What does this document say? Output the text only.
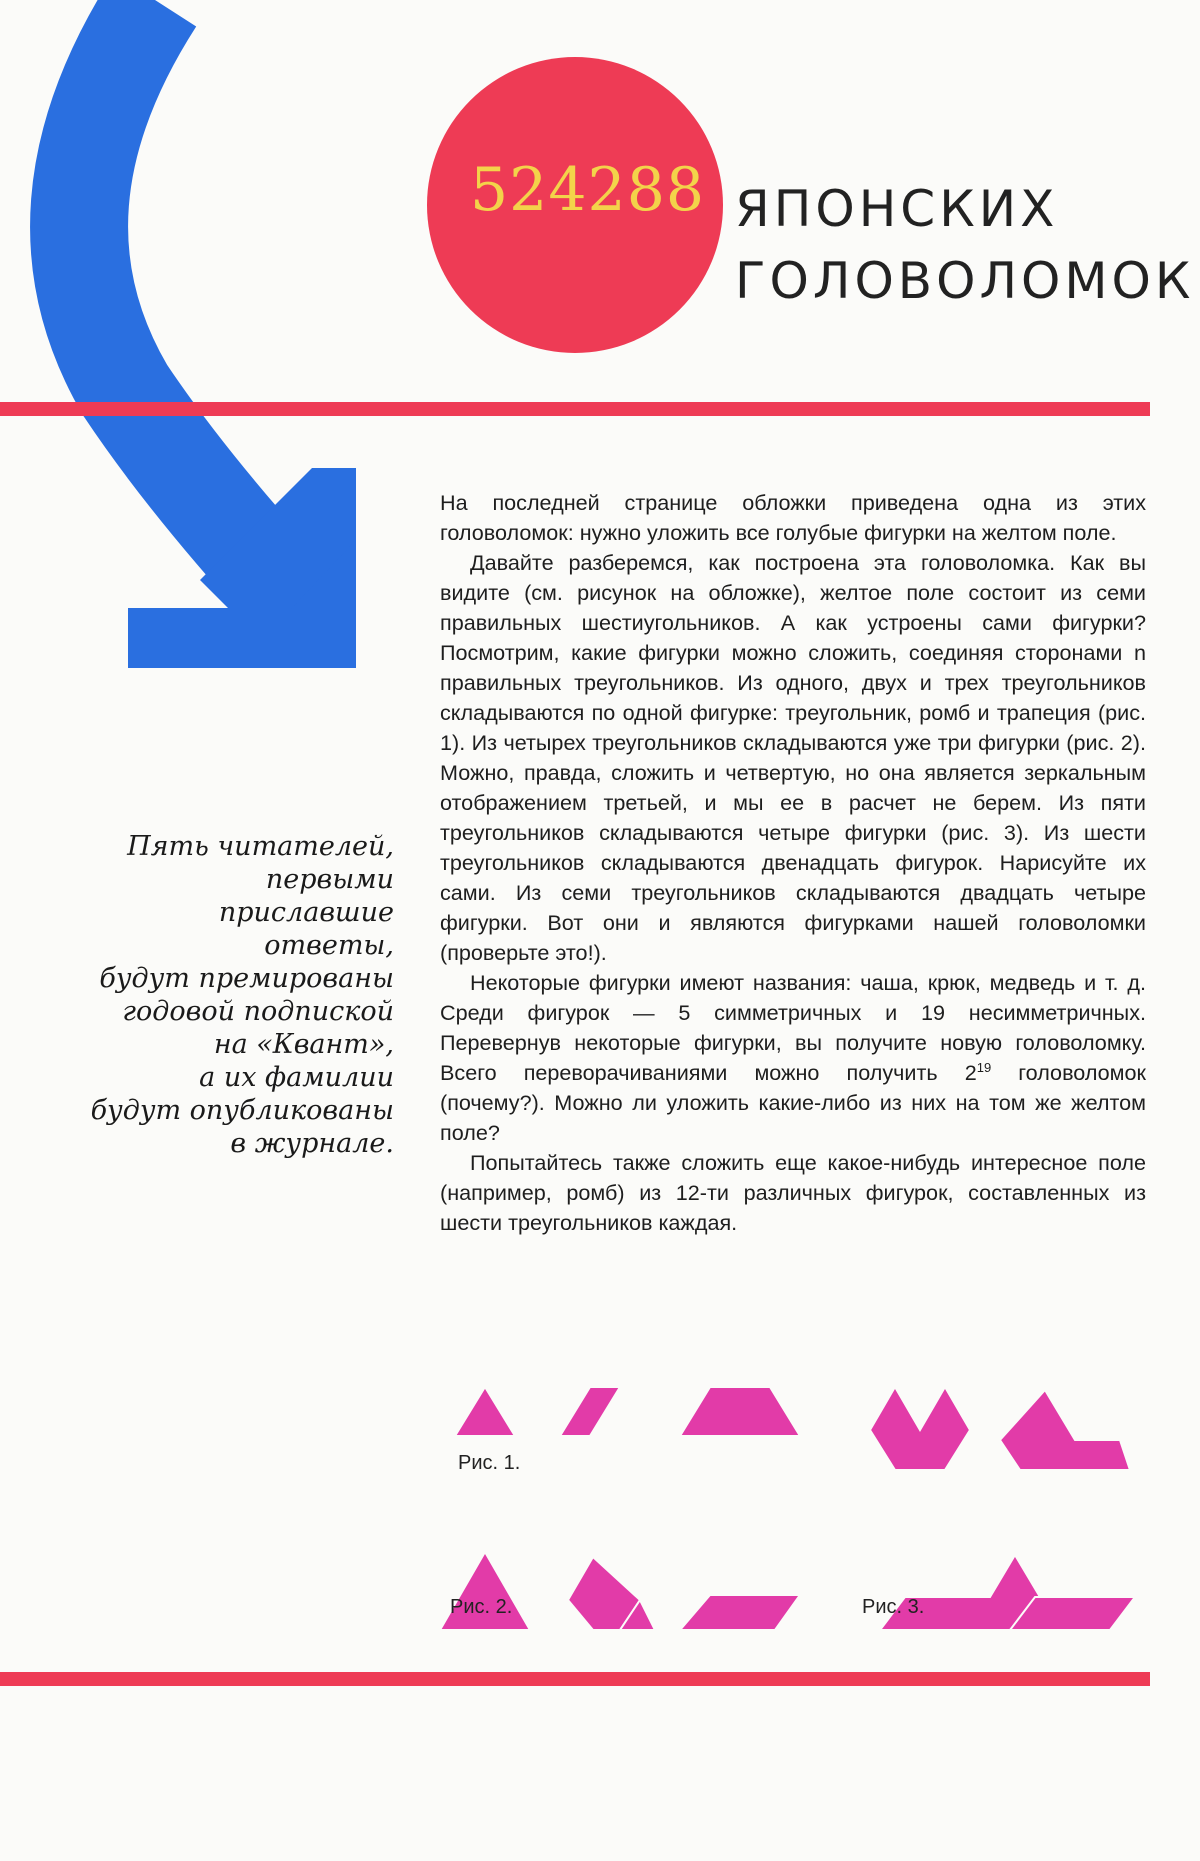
524288 ЯПОНСКИХ
ГОЛОВОЛОМОК
Пять читателей,
первыми
приславшие ответы,
будут премированы
годовой подпиской
на «Квант»,
а их фамилии
будут опубликованы
в журнале.

На последней странице обложки приведена одна из этих головоломок: нужно уложить все голубые фигурки на желтом поле.

Давайте разберемся, как построена эта головоломка. Как вы видите (см. рисунок на обложке), желтое поле состоит из семи правильных шестиугольников. А как устроены сами фигурки? Посмотрим, какие фигурки можно сложить, соединяя сторонами n правильных треугольников. Из одного, двух и трех треугольников складываются по одной фигурке: треугольник, ромб и трапеция (рис. 1). Из четырех треугольников складываются уже три фигурки (рис. 2). Можно, правда, сложить и четвертую, но она является зеркальным отображением третьей, и мы ее в расчет не берем. Из пяти треугольников складываются четыре фигурки (рис. 3). Из шести треугольников складываются двенадцать фигурок. Нарисуйте их сами. Из семи треугольников складываются двадцать четыре фигурки. Вот они и являются фигурками нашей головоломки (проверьте это!).

Некоторые фигурки имеют названия: чаша, крюк, медведь и т. д. Среди фигурок — 5 симметричных и 19 несимметричных. Перевернув некоторые фигурки, вы получите новую головоломку. Всего переворачиваниями можно получить $2^{19}$ головоломок (почему?). Можно ли уложить какие-либо из них на том же желтом поле?

Попытайтесь также сложить еще какое-нибудь интересное поле (например, ромб) из 12-ти различных фигурок, составленных из шести треугольников каждая.

Рис. 1.
Рис. 2.	Рис. 3.
